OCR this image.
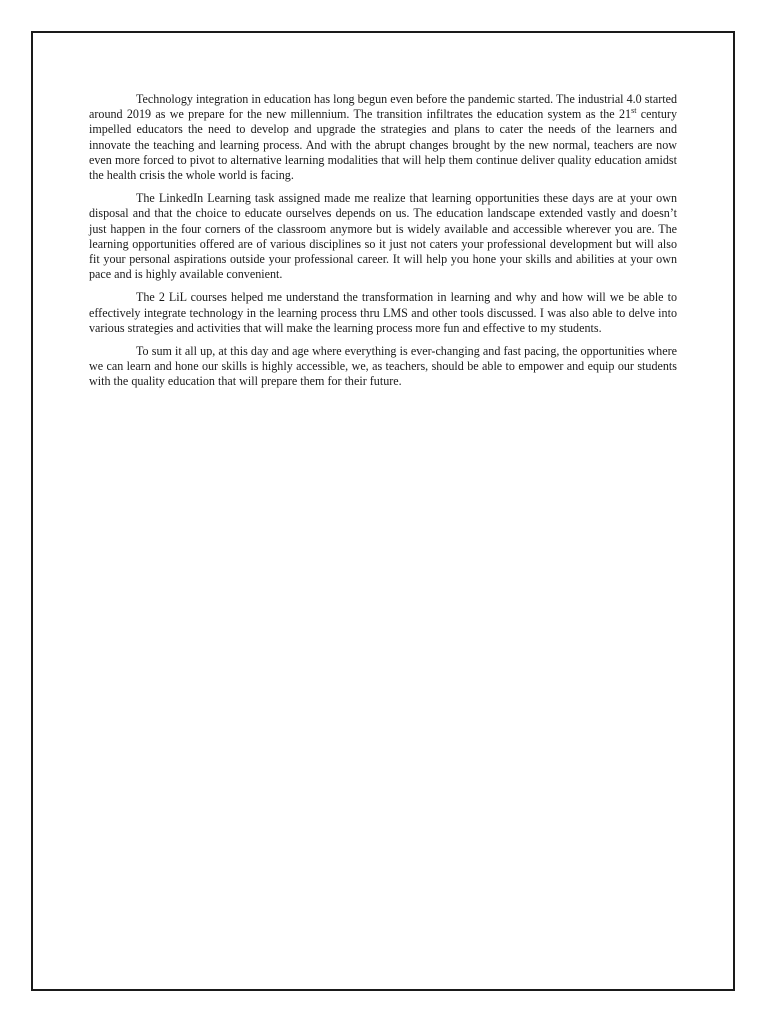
Technology integration in education has long begun even before the pandemic started. The industrial 4.0 started around 2019 as we prepare for the new millennium. The transition infiltrates the education system as the 21st century impelled educators the need to develop and upgrade the strategies and plans to cater the needs of the learners and innovate the teaching and learning process. And with the abrupt changes brought by the new normal, teachers are now even more forced to pivot to alternative learning modalities that will help them continue deliver quality education amidst the health crisis the whole world is facing.

The LinkedIn Learning task assigned made me realize that learning opportunities these days are at your own disposal and that the choice to educate ourselves depends on us. The education landscape extended vastly and doesn’t just happen in the four corners of the classroom anymore but is widely available and accessible wherever you are. The learning opportunities offered are of various disciplines so it just not caters your professional development but will also fit your personal aspirations outside your professional career. It will help you hone your skills and abilities at your own pace and is highly available convenient.

The 2 LiL courses helped me understand the transformation in learning and why and how will we be able to effectively integrate technology in the learning process thru LMS and other tools discussed. I was also able to delve into various strategies and activities that will make the learning process more fun and effective to my students.

To sum it all up, at this day and age where everything is ever-changing and fast pacing, the opportunities where we can learn and hone our skills is highly accessible, we, as teachers, should be able to empower and equip our students with the quality education that will prepare them for their future.
